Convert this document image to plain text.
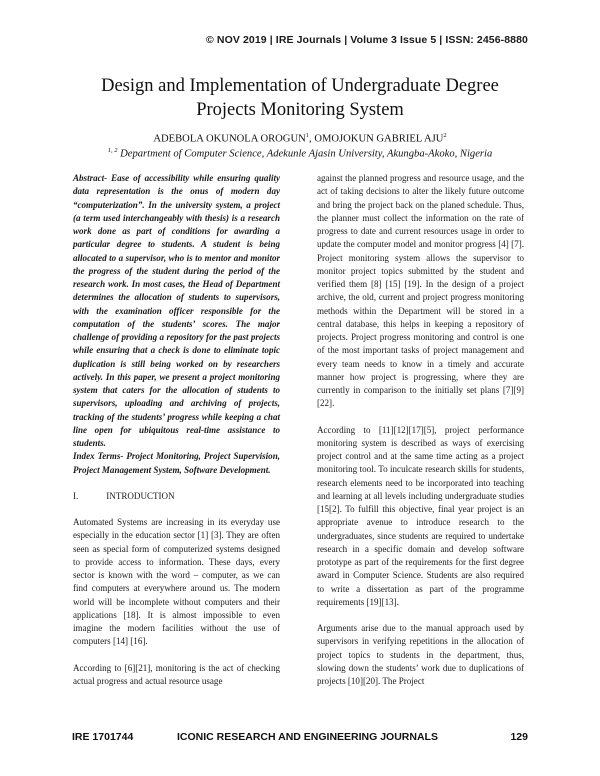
© NOV 2019 | IRE Journals | Volume 3 Issue 5 | ISSN: 2456-8880
Design and Implementation of Undergraduate Degree
Projects Monitoring System
ADEBOLA OKUNOLA OROGUN$^1$, OMOJOKUN GABRIEL AJU$^2$
$^{1, 2}$ Department of Computer Science, Adekunle Ajasin University, Akungba-Akoko, Nigeria

Abstract- Ease of accessibility while ensuring quality data representation is the onus of modern day “computerization”. In the university system, a project (a term used interchangeably with thesis) is a research work done as part of conditions for awarding a particular degree to students. A student is being allocated to a supervisor, who is to mentor and monitor the progress of the student during the period of the research work. In most cases, the Head of Department determines the allocation of students to supervisors, with the examination officer responsible for the computation of the students’ scores. The major challenge of providing a repository for the past projects while ensuring that a check is done to eliminate topic duplication is still being worked on by researchers actively. In this paper, we present a project monitoring system that caters for the allocation of students to supervisors, uploading and archiving of projects, tracking of the students’ progress while keeping a chat line open for ubiquitous real-time assistance to students.

Index Terms- Project Monitoring, Project Supervision, Project Management System, Software Development.

I.	INTRODUCTION

Automated Systems are increasing in its everyday use especially in the education sector [1] [3]. They are often seen as special form of computerized systems designed to provide access to information. These days, every sector is known with the word – computer, as we can find computers at everywhere around us. The modern world will be incomplete without computers and their applications [18]. It is almost impossible to even imagine the modern facilities without the use of computers [14] [16].

According to [6][21], monitoring is the act of checking actual progress and actual resource usage

against the planned progress and resource usage, and the act of taking decisions to alter the likely future outcome and bring the project back on the planed schedule. Thus, the planner must collect the information on the rate of progress to date and current resources usage in order to update the computer model and monitor progress [4] [7]. Project monitoring system allows the supervisor to monitor project topics submitted by the student and verified them [8] [15] [19]. In the design of a project archive, the old, current and project progress monitoring methods within the Department will be stored in a central database, this helps in keeping a repository of projects. Project progress monitoring and control is one of the most important tasks of project management and every team needs to know in a timely and accurate manner how project is progressing, where they are currently in comparison to the initially set plans [7][9][22].

According to [11][12][17][5], project performance monitoring system is described as ways of exercising project control and at the same time acting as a project monitoring tool. To inculcate research skills for students, research elements need to be incorporated into teaching and learning at all levels including undergraduate studies [15[2]. To fulfill this objective, final year project is an appropriate avenue to introduce research to the undergraduates, since students are required to undertake research in a specific domain and develop software prototype as part of the requirements for the first degree award in Computer Science. Students are also required to write a dissertation as part of the programme requirements [19][13].

Arguments arise due to the manual approach used by supervisors in verifying repetitions in the allocation of project topics to students in the department, thus, slowing down the students’ work due to duplications of projects [10][20]. The Project

IRE 1701744	ICONIC RESEARCH AND ENGINEERING JOURNALS	129
